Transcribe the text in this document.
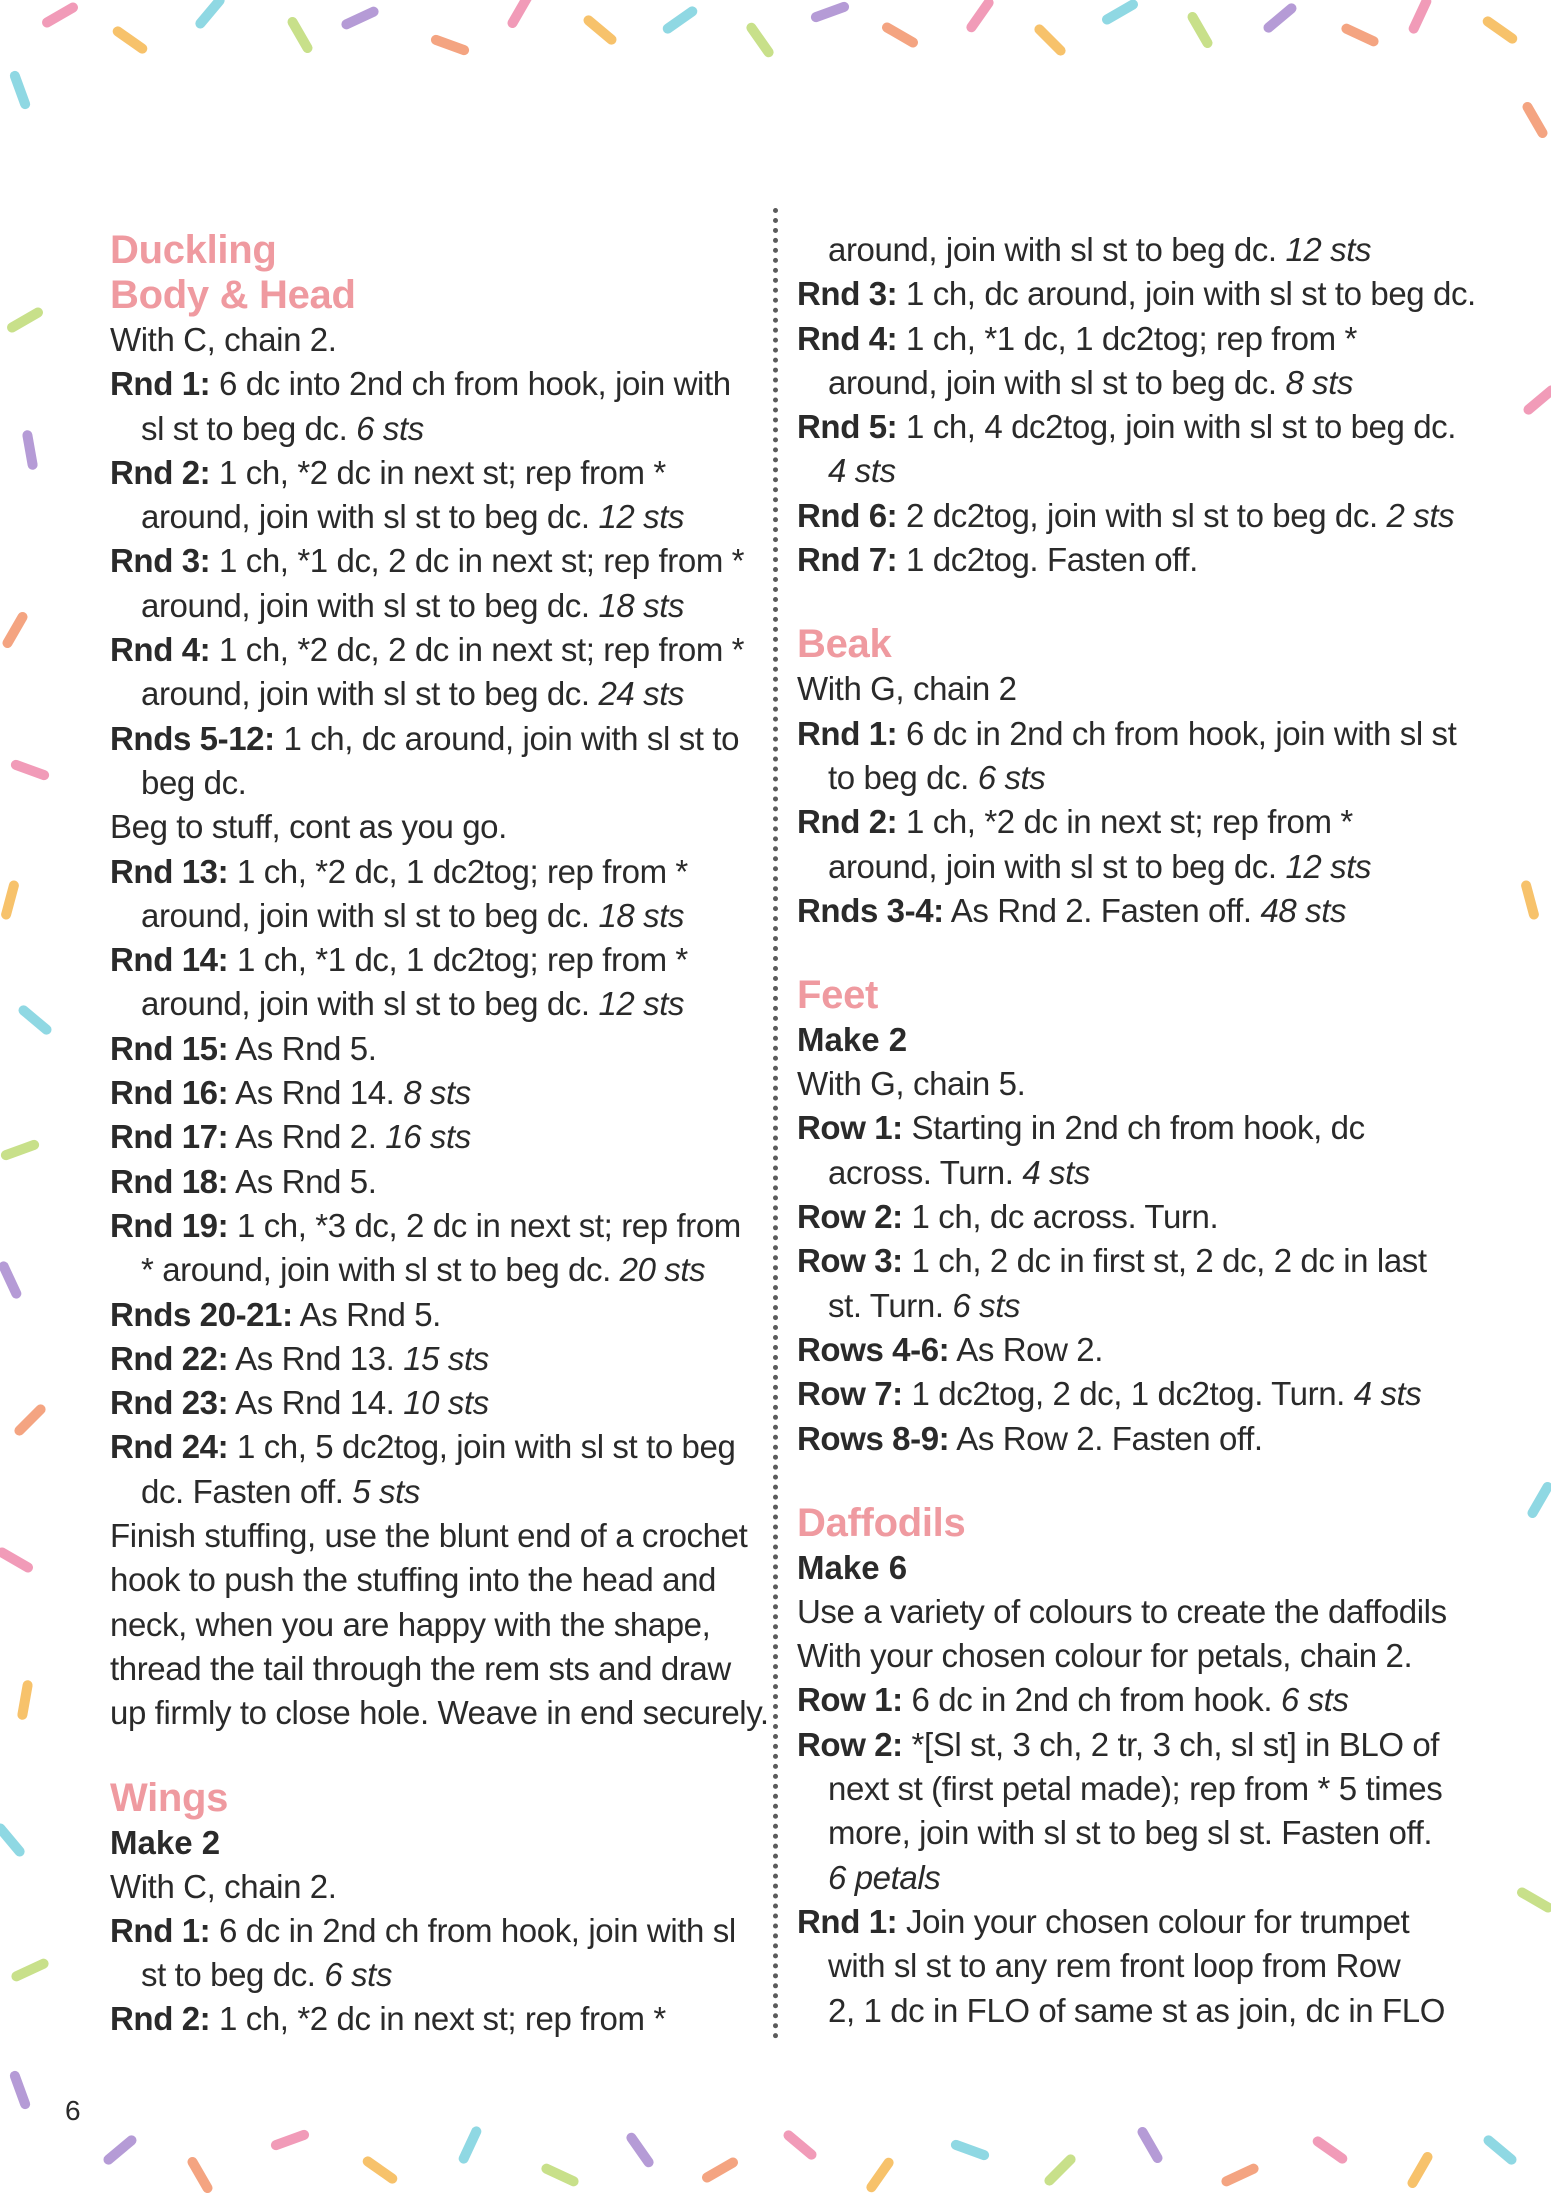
Duckling
Body & Head
With C, chain 2.
Rnd 1: 6 dc into 2nd ch from hook, join with
sl st to beg dc. 6 sts
Rnd 2: 1 ch, *2 dc in next st; rep from *
around, join with sl st to beg dc. 12 sts
Rnd 3: 1 ch, *1 dc, 2 dc in next st; rep from *
around, join with sl st to beg dc. 18 sts
Rnd 4: 1 ch, *2 dc, 2 dc in next st; rep from *
around, join with sl st to beg dc. 24 sts
Rnds 5-12: 1 ch, dc around, join with sl st to
beg dc.
Beg to stuff, cont as you go.
Rnd 13: 1 ch, *2 dc, 1 dc2tog; rep from *
around, join with sl st to beg dc. 18 sts
Rnd 14: 1 ch, *1 dc, 1 dc2tog; rep from *
around, join with sl st to beg dc. 12 sts
Rnd 15: As Rnd 5.
Rnd 16: As Rnd 14. 8 sts
Rnd 17: As Rnd 2. 16 sts
Rnd 18: As Rnd 5.
Rnd 19: 1 ch, *3 dc, 2 dc in next st; rep from
* around, join with sl st to beg dc. 20 sts
Rnds 20-21: As Rnd 5.
Rnd 22: As Rnd 13. 15 sts
Rnd 23: As Rnd 14. 10 sts
Rnd 24: 1 ch, 5 dc2tog, join with sl st to beg
dc. Fasten off. 5 sts
Finish stuffing, use the blunt end of a crochet
hook to push the stuffing into the head and
neck, when you are happy with the shape,
thread the tail through the rem sts and draw
up firmly to close hole. Weave in end securely.
Wings
Make 2
With C, chain 2.
Rnd 1: 6 dc in 2nd ch from hook, join with sl
st to beg dc. 6 sts
Rnd 2: 1 ch, *2 dc in next st; rep from *
around, join with sl st to beg dc. 12 sts
Rnd 3: 1 ch, dc around, join with sl st to beg dc.
Rnd 4: 1 ch, *1 dc, 1 dc2tog; rep from *
around, join with sl st to beg dc. 8 sts
Rnd 5: 1 ch, 4 dc2tog, join with sl st to beg dc.
4 sts
Rnd 6: 2 dc2tog, join with sl st to beg dc. 2 sts
Rnd 7: 1 dc2tog. Fasten off.
Beak
With G, chain 2
Rnd 1: 6 dc in 2nd ch from hook, join with sl st
to beg dc. 6 sts
Rnd 2: 1 ch, *2 dc in next st; rep from *
around, join with sl st to beg dc. 12 sts
Rnds 3-4: As Rnd 2. Fasten off. 48 sts
Feet
Make 2
With G, chain 5.
Row 1: Starting in 2nd ch from hook, dc
across. Turn. 4 sts
Row 2: 1 ch, dc across. Turn.
Row 3: 1 ch, 2 dc in first st, 2 dc, 2 dc in last
st. Turn. 6 sts
Rows 4-6: As Row 2.
Row 7: 1 dc2tog, 2 dc, 1 dc2tog. Turn. 4 sts
Rows 8-9: As Row 2. Fasten off.
Daffodils
Make 6
Use a variety of colours to create the daffodils
With your chosen colour for petals, chain 2.
Row 1: 6 dc in 2nd ch from hook. 6 sts
Row 2: *[Sl st, 3 ch, 2 tr, 3 ch, sl st] in BLO of
next st (first petal made); rep from * 5 times
more, join with sl st to beg sl st. Fasten off.
6 petals
Rnd 1: Join your chosen colour for trumpet
with sl st to any rem front loop from Row
2, 1 dc in FLO of same st as join, dc in FLO
6
